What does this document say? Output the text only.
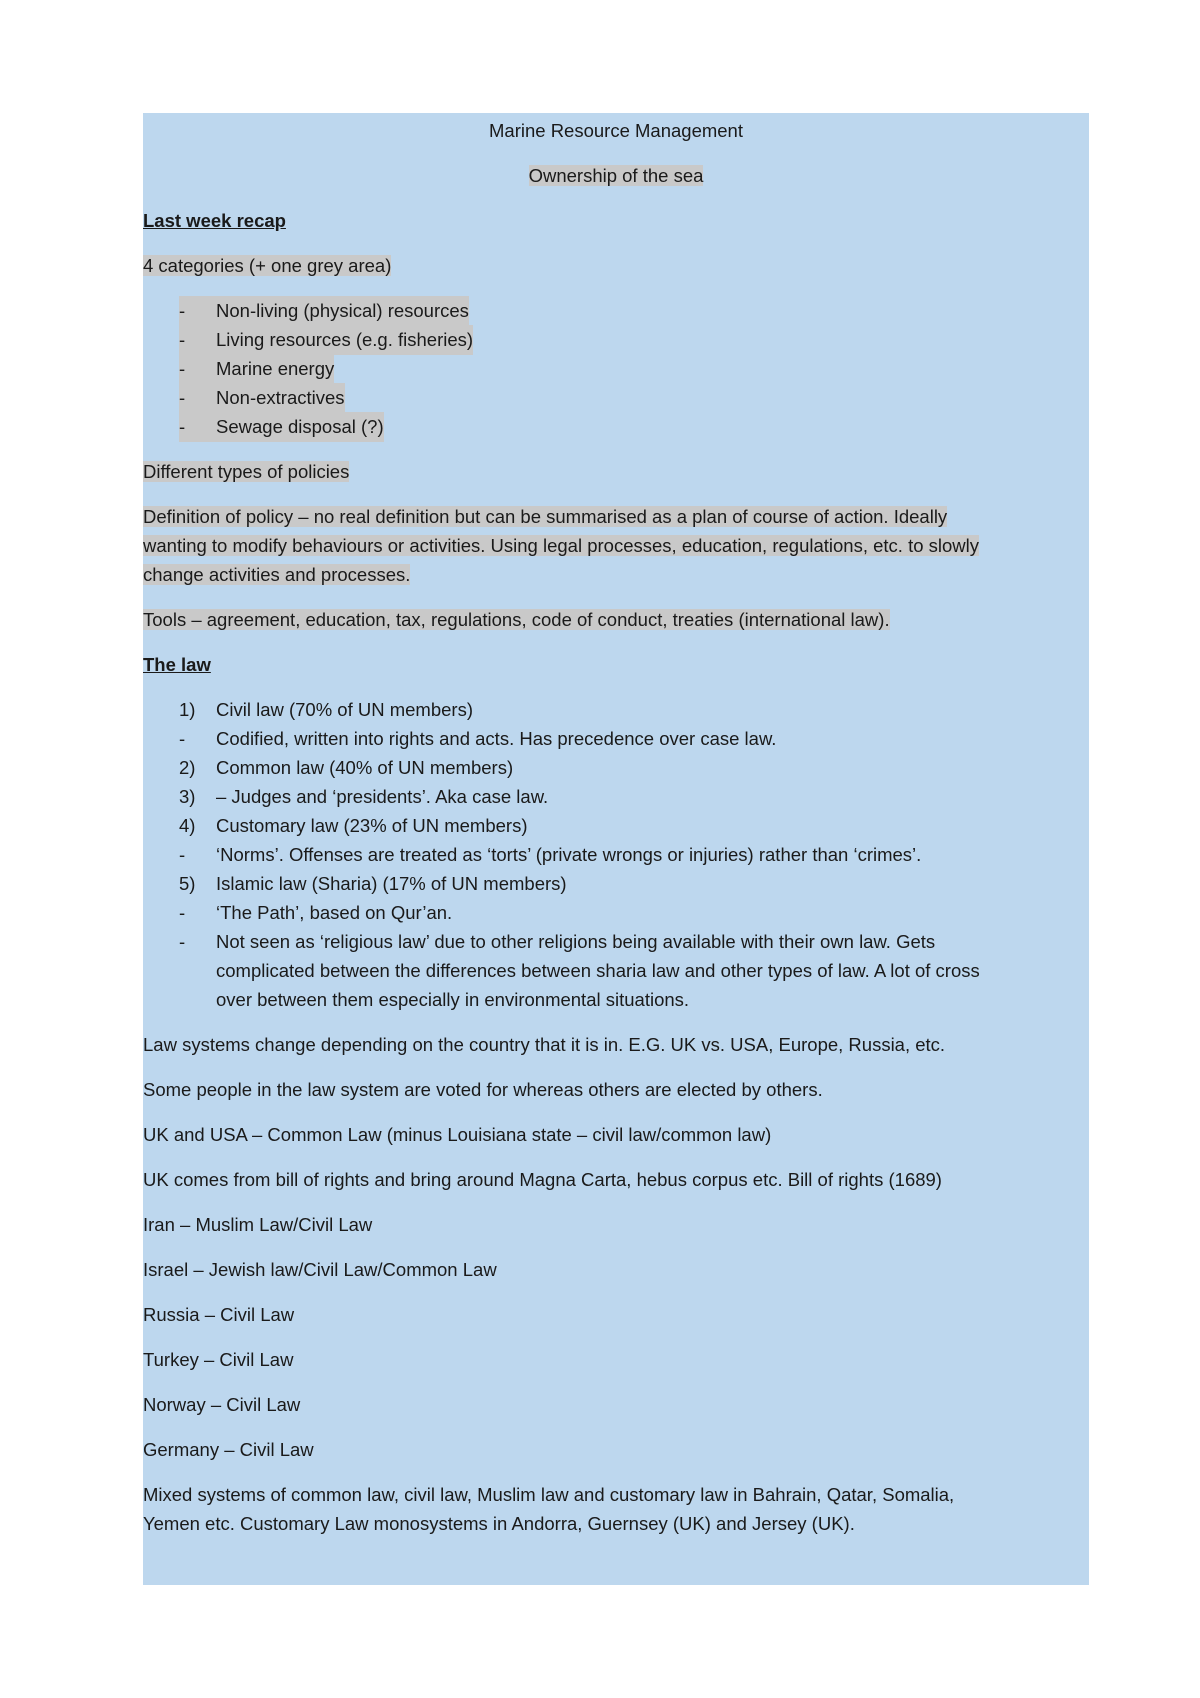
Marine Resource Management
Ownership of the sea
Last week recap
4 categories (+ one grey area)
-	Non-living (physical) resources
-	Living resources (e.g. fisheries)
-	Marine energy
-	Non-extractives
-	Sewage disposal (?)
Different types of policies
Definition of policy – no real definition but can be summarised as a plan of course of action. Ideally
wanting to modify behaviours or activities. Using legal processes, education, regulations, etc. to slowly
change activities and processes.
Tools – agreement, education, tax, regulations, code of conduct, treaties (international law).
The law
1) Civil law (70% of UN members)
- Codified, written into rights and acts. Has precedence over case law.
2) Common law (40% of UN members)
3) – Judges and ‘presidents’. Aka case law.
4) Customary law (23% of UN members)
- ‘Norms’. Offenses are treated as ‘torts’ (private wrongs or injuries) rather than ‘crimes’.
5) Islamic law (Sharia) (17% of UN members)
- ‘The Path’, based on Qur’an.
- Not seen as ‘religious law’ due to other religions being available with their own law. Gets
complicated between the differences between sharia law and other types of law. A lot of cross
over between them especially in environmental situations.
Law systems change depending on the country that it is in. E.G. UK vs. USA, Europe, Russia, etc.
Some people in the law system are voted for whereas others are elected by others.
UK and USA – Common Law (minus Louisiana state – civil law/common law)
UK comes from bill of rights and bring around Magna Carta, hebus corpus etc. Bill of rights (1689)
Iran – Muslim Law/Civil Law
Israel – Jewish law/Civil Law/Common Law
Russia – Civil Law
Turkey – Civil Law
Norway – Civil Law
Germany – Civil Law
Mixed systems of common law, civil law, Muslim law and customary law in Bahrain, Qatar, Somalia,
Yemen etc. Customary Law monosystems in Andorra, Guernsey (UK) and Jersey (UK).
